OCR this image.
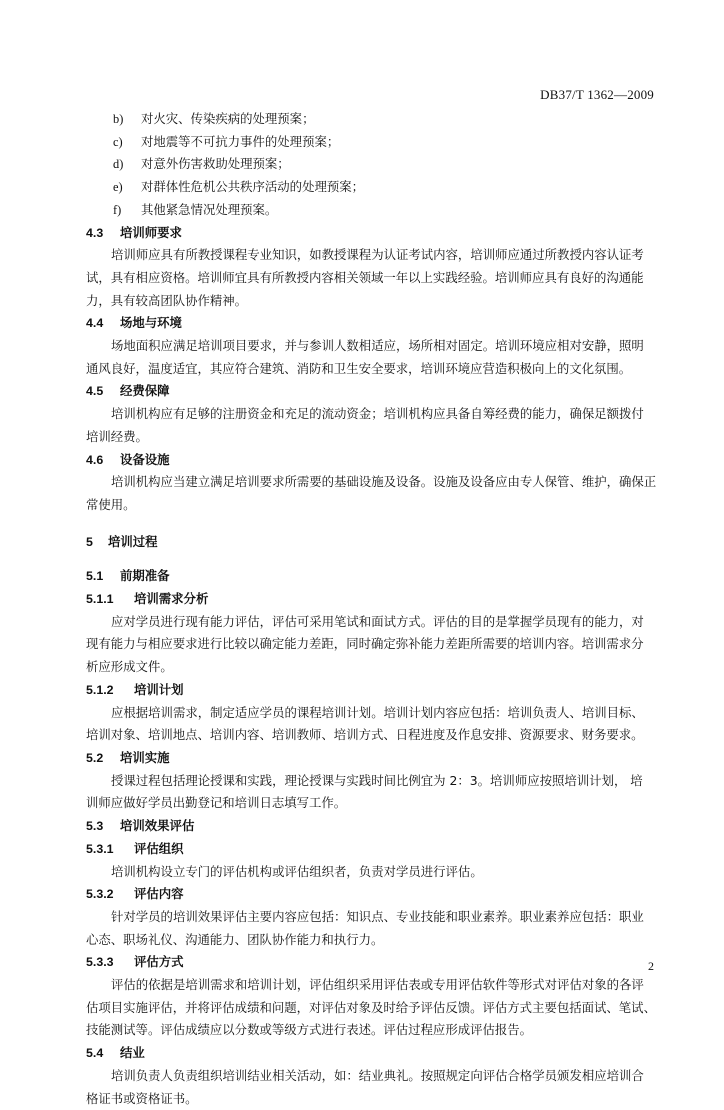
DB37/T 1362—2009
b) 对火灾、传染疾病的处理预案；
c) 对地震等不可抗力事件的处理预案；
d) 对意外伤害救助处理预案；
e) 对群体性危机公共秩序活动的处理预案；
f) 其他紧急情况处理预案。
4.3 培训师要求
培训师应具有所教授课程专业知识，如教授课程为认证考试内容，培训师应通过所教授内容认证考
试，具有相应资格。培训师宜具有所教授内容相关领域一年以上实践经验。培训师应具有良好的沟通能
力，具有较高团队协作精神。
4.4 场地与环境
场地面积应满足培训项目要求，并与参训人数相适应，场所相对固定。培训环境应相对安静，照明
通风良好，温度适宜，其应符合建筑、消防和卫生安全要求，培训环境应营造积极向上的文化氛围。
4.5 经费保障
培训机构应有足够的注册资金和充足的流动资金；培训机构应具备自筹经费的能力，确保足额拨付
培训经费。
4.6 设备设施
培训机构应当建立满足培训要求所需要的基础设施及设备。设施及设备应由专人保管、维护，确保正
常使用。
5 培训过程
5.1 前期准备
5.1.1 培训需求分析
应对学员进行现有能力评估，评估可采用笔试和面试方式。评估的目的是掌握学员现有的能力，对
现有能力与相应要求进行比较以确定能力差距，同时确定弥补能力差距所需要的培训内容。培训需求分
析应形成文件。
5.1.2 培训计划
应根据培训需求，制定适应学员的课程培训计划。培训计划内容应包括：培训负责人、培训目标、
培训对象、培训地点、培训内容、培训教师、培训方式、日程进度及作息安排、资源要求、财务要求。
5.2 培训实施
授课过程包括理论授课和实践，理论授课与实践时间比例宜为 2：3。培训师应按照培训计划， 培
训师应做好学员出勤登记和培训日志填写工作。
5.3 培训效果评估
5.3.1 评估组织
培训机构设立专门的评估机构或评估组织者，负责对学员进行评估。
5.3.2 评估内容
针对学员的培训效果评估主要内容应包括：知识点、专业技能和职业素养。职业素养应包括：职业
心态、职场礼仪、沟通能力、团队协作能力和执行力。
5.3.3 评估方式
评估的依据是培训需求和培训计划，评估组织采用评估表或专用评估软件等形式对评估对象的各评
估项目实施评估，并将评估成绩和问题，对评估对象及时给予评估反馈。评估方式主要包括面试、笔试、
技能测试等。评估成绩应以分数或等级方式进行表述。评估过程应形成评估报告。
5.4 结业
培训负责人负责组织培训结业相关活动，如：结业典礼。按照规定向评估合格学员颁发相应培训合
格证书或资格证书。
2
